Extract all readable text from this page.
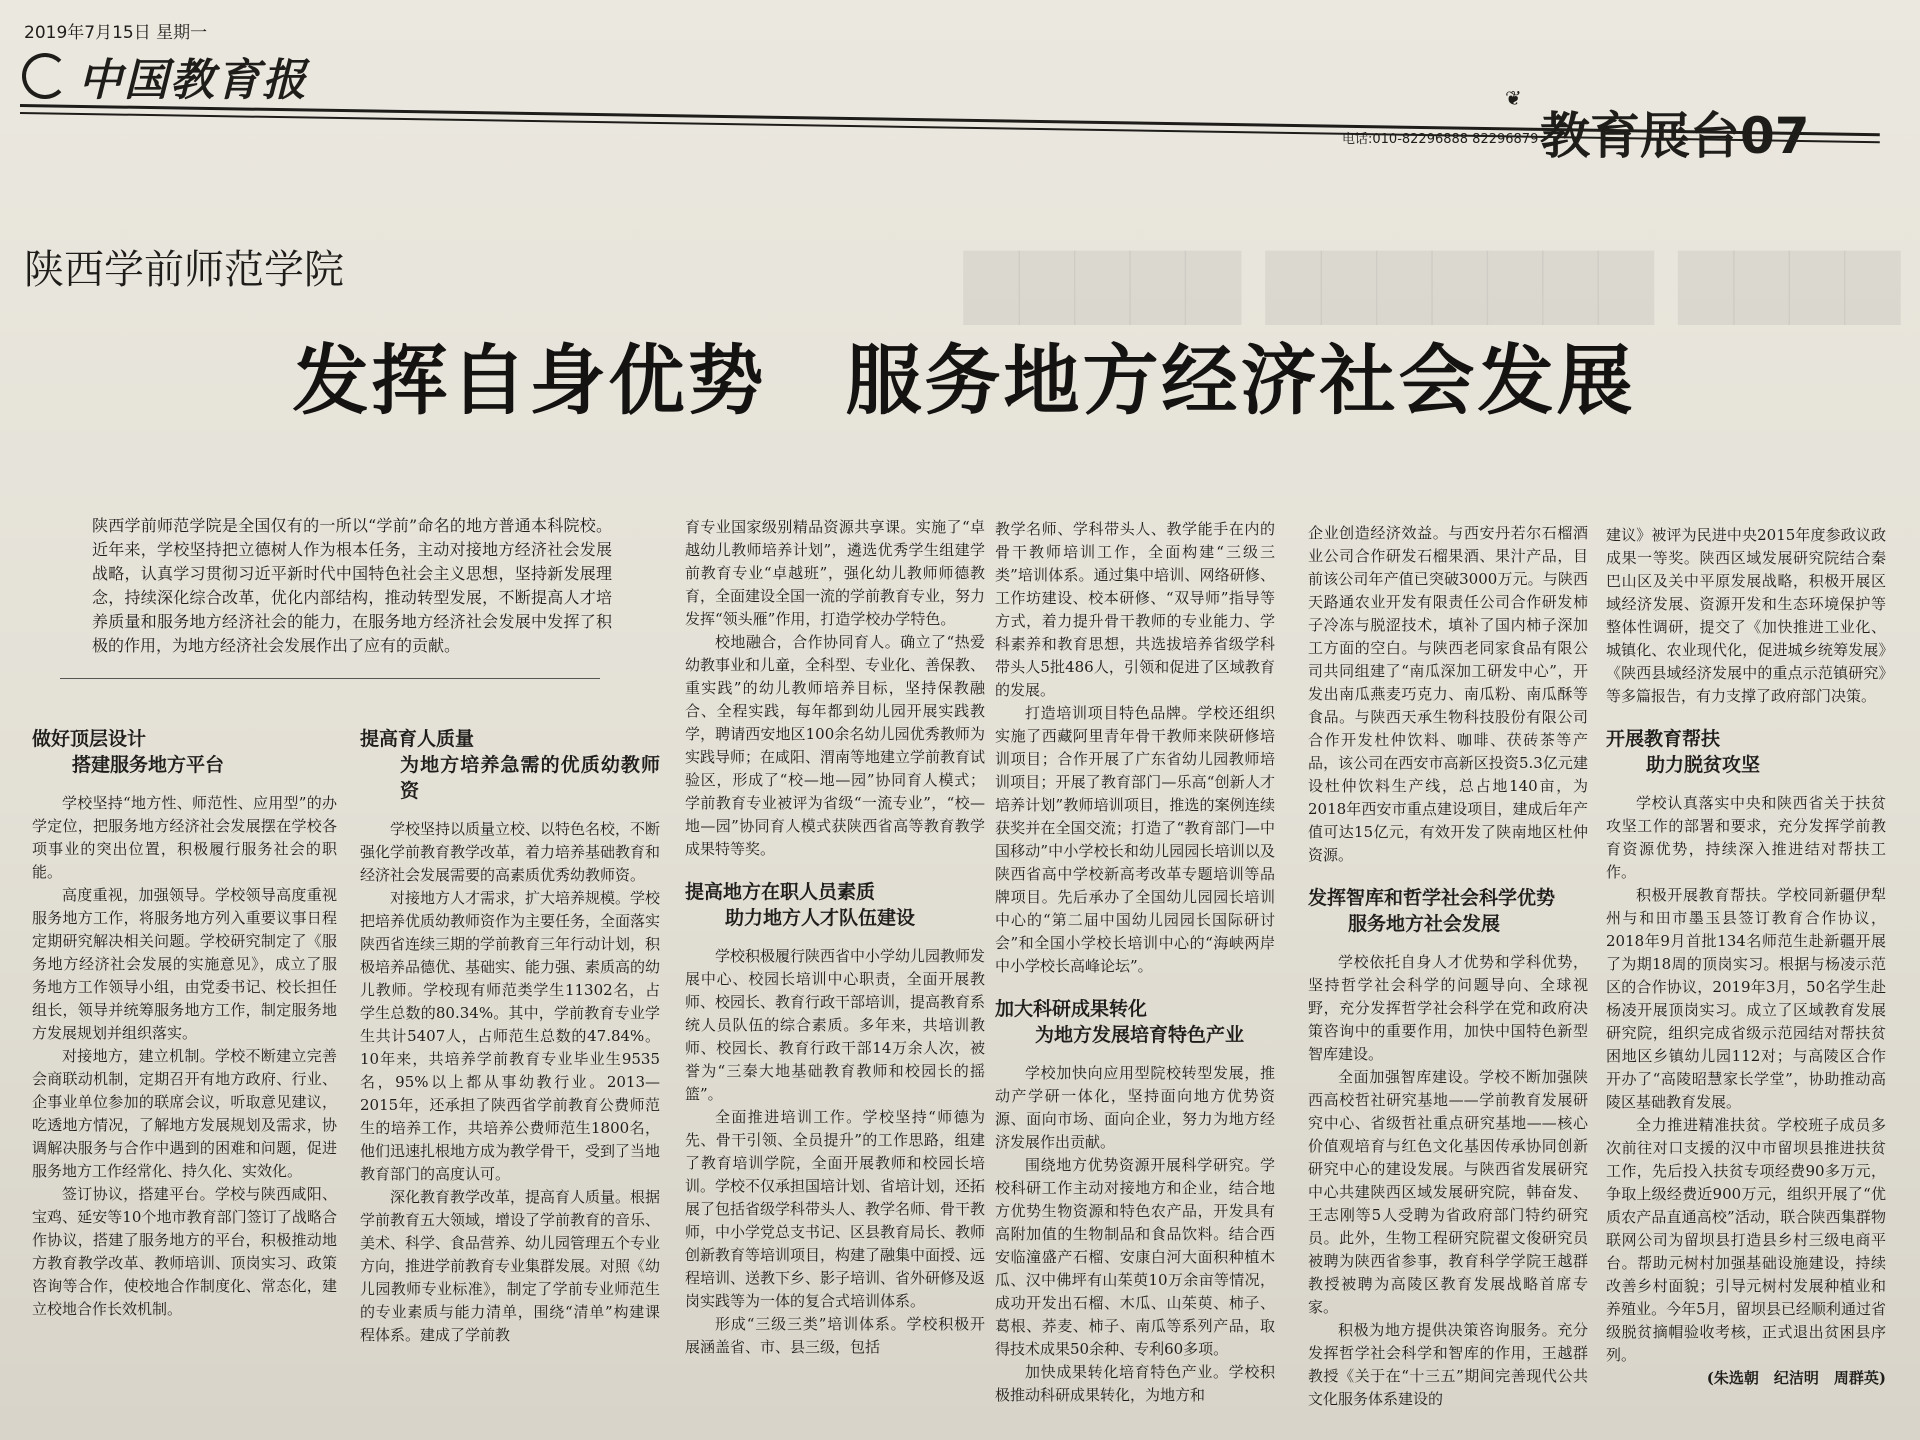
2019年7月15日 星期一
中国教育报	❦
电话:010-82296888 82296879 教育展台07
▇▇▇▇ ▇▇▇▇▇▇▇ ▇▇▇▇▇
陕西学前师范学院
发挥自身优势　服务地方经济社会发展
陕西学前师范学院是全国仅有的一所以“学前”命名的地方普通本科院校。近年来，学校坚持把立德树人作为根本任务，主动对接地方经济社会发展战略，认真学习贯彻习近平新时代中国特色社会主义思想，坚持新发展理念，持续深化综合改革，优化内部结构，推动转型发展，不断提高人才培养质量和服务地方经济社会的能力，在服务地方经济社会发展中发挥了积极的作用，为地方经济社会发展作出了应有的贡献。
做好顶层设计
搭建服务地方平台

学校坚持“地方性、师范性、应用型”的办学定位，把服务地方经济社会发展摆在学校各项事业的突出位置，积极履行服务社会的职能。

高度重视，加强领导。学校领导高度重视服务地方工作，将服务地方列入重要议事日程定期研究解决相关问题。学校研究制定了《服务地方经济社会发展的实施意见》，成立了服务地方工作领导小组，由党委书记、校长担任组长，领导并统筹服务地方工作，制定服务地方发展规划并组织落实。

对接地方，建立机制。学校不断建立完善会商联动机制，定期召开有地方政府、行业、企事业单位参加的联席会议，听取意见建议，吃透地方情况，了解地方发展规划及需求，协调解决服务与合作中遇到的困难和问题，促进服务地方工作经常化、持久化、实效化。

签订协议，搭建平台。学校与陕西咸阳、宝鸡、延安等10个地市教育部门签订了战略合作协议，搭建了服务地方的平台，积极推动地方教育教学改革、教师培训、顶岗实习、政策咨询等合作，使校地合作制度化、常态化，建立校地合作长效机制。

提高育人质量
为地方培养急需的优质幼教师资

学校坚持以质量立校、以特色名校，不断强化学前教育教学改革，着力培养基础教育和经济社会发展需要的高素质优秀幼教师资。

对接地方人才需求，扩大培养规模。学校把培养优质幼教师资作为主要任务，全面落实陕西省连续三期的学前教育三年行动计划，积极培养品德优、基础实、能力强、素质高的幼儿教师。学校现有师范类学生11302名，占学生总数的80.34%。其中，学前教育专业学生共计5407人，占师范生总数的47.84%。10年来，共培养学前教育专业毕业生9535名，95%以上都从事幼教行业。2013—2015年，还承担了陕西省学前教育公费师范生的培养工作，共培养公费师范生1800名，他们迅速扎根地方成为教学骨干，受到了当地教育部门的高度认可。

深化教育教学改革，提高育人质量。根据学前教育五大领域，增设了学前教育的音乐、美术、科学、食品营养、幼儿园管理五个专业方向，推进学前教育专业集群发展。对照《幼儿园教师专业标准》，制定了学前专业师范生的专业素质与能力清单，围绕“清单”构建课程体系。建成了学前教

育专业国家级别精品资源共享课。实施了“卓越幼儿教师培养计划”，遴选优秀学生组建学前教育专业“卓越班”，强化幼儿教师师德教育，全面建设全国一流的学前教育专业，努力发挥“领头雁”作用，打造学校办学特色。

校地融合，合作协同育人。确立了“热爱幼教事业和儿童，全科型、专业化、善保教、重实践”的幼儿教师培养目标，坚持保教融合、全程实践，每年都到幼儿园开展实践教学，聘请西安地区100余名幼儿园优秀教师为实践导师；在咸阳、渭南等地建立学前教育试验区，形成了“校—地—园”协同育人模式；学前教育专业被评为省级“一流专业”，“校—地—园”协同育人模式获陕西省高等教育教学成果特等奖。

提高地方在职人员素质
助力地方人才队伍建设

学校积极履行陕西省中小学幼儿园教师发展中心、校园长培训中心职责，全面开展教师、校园长、教育行政干部培训，提高教育系统人员队伍的综合素质。多年来，共培训教师、校园长、教育行政干部14万余人次，被誉为“三秦大地基础教育教师和校园长的摇篮”。

全面推进培训工作。学校坚持“师德为先、骨干引领、全员提升”的工作思路，组建了教育培训学院，全面开展教师和校园长培训。学校不仅承担国培计划、省培计划，还拓展了包括省级学科带头人、教学名师、骨干教师，中小学党总支书记、区县教育局长、教师创新教育等培训项目，构建了融集中面授、远程培训、送教下乡、影子培训、省外研修及返岗实践等为一体的复合式培训体系。

形成“三级三类”培训体系。学校积极开展涵盖省、市、县三级，包括

教学名师、学科带头人、教学能手在内的骨干教师培训工作，全面构建“三级三类”培训体系。通过集中培训、网络研修、工作坊建设、校本研修、“双导师”指导等方式，着力提升骨干教师的专业能力、学科素养和教育思想，共选拔培养省级学科带头人5批486人，引领和促进了区域教育的发展。

打造培训项目特色品牌。学校还组织实施了西藏阿里青年骨干教师来陕研修培训项目；合作开展了广东省幼儿园教师培训项目；开展了教育部门—乐高“创新人才培养计划”教师培训项目，推选的案例连续获奖并在全国交流；打造了“教育部门—中国移动”中小学校长和幼儿园园长培训以及陕西省高中学校新高考改革专题培训等品牌项目。先后承办了全国幼儿园园长培训中心的“第二届中国幼儿园园长国际研讨会”和全国小学校长培训中心的“海峡两岸中小学校长高峰论坛”。

加大科研成果转化
为地方发展培育特色产业

学校加快向应用型院校转型发展，推动产学研一体化，坚持面向地方优势资源、面向市场、面向企业，努力为地方经济发展作出贡献。

围绕地方优势资源开展科学研究。学校科研工作主动对接地方和企业，结合地方优势生物资源和特色农产品，开发具有高附加值的生物制品和食品饮料。结合西安临潼盛产石榴、安康白河大面积种植木瓜、汉中佛坪有山茱萸10万余亩等情况，成功开发出石榴、木瓜、山茱萸、柿子、葛根、荞麦、柿子、南瓜等系列产品，取得技术成果50余种、专利60多项。

加快成果转化培育特色产业。学校积极推动科研成果转化，为地方和

企业创造经济效益。与西安丹若尔石榴酒业公司合作研发石榴果酒、果汁产品，目前该公司年产值已突破3000万元。与陕西天路通农业开发有限责任公司合作研发柿子冷冻与脱涩技术，填补了国内柿子深加工方面的空白。与陕西老同家食品有限公司共同组建了“南瓜深加工研发中心”，开发出南瓜燕麦巧克力、南瓜粉、南瓜酥等食品。与陕西天承生物科技股份有限公司合作开发杜仲饮料、咖啡、茯砖茶等产品，该公司在西安市高新区投资5.3亿元建设杜仲饮料生产线，总占地140亩，为2018年西安市重点建设项目，建成后年产值可达15亿元，有效开发了陕南地区杜仲资源。

发挥智库和哲学社会科学优势
服务地方社会发展

学校依托自身人才优势和学科优势，坚持哲学社会科学的问题导向、全球视野，充分发挥哲学社会科学在党和政府决策咨询中的重要作用，加快中国特色新型智库建设。

全面加强智库建设。学校不断加强陕西高校哲社研究基地——学前教育发展研究中心、省级哲社重点研究基地——核心价值观培育与红色文化基因传承协同创新研究中心的建设发展。与陕西省发展研究中心共建陕西区域发展研究院，韩奋发、王志刚等5人受聘为省政府部门特约研究员。此外，生物工程研究院翟文俊研究员被聘为陕西省参事，教育科学学院王越群教授被聘为高陵区教育发展战略首席专家。

积极为地方提供决策咨询服务。充分发挥哲学社会科学和智库的作用，王越群教授《关于在“十三五”期间完善现代公共文化服务体系建设的

建议》被评为民进中央2015年度参政议政成果一等奖。陕西区域发展研究院结合秦巴山区及关中平原发展战略，积极开展区域经济发展、资源开发和生态环境保护等整体性调研，提交了《加快推进工业化、城镇化、农业现代化，促进城乡统筹发展》《陕西县域经济发展中的重点示范镇研究》等多篇报告，有力支撑了政府部门决策。

开展教育帮扶
助力脱贫攻坚

学校认真落实中央和陕西省关于扶贫攻坚工作的部署和要求，充分发挥学前教育资源优势，持续深入推进结对帮扶工作。

积极开展教育帮扶。学校同新疆伊犁州与和田市墨玉县签订教育合作协议，2018年9月首批134名师范生赴新疆开展了为期18周的顶岗实习。根据与杨凌示范区的合作协议，2019年3月，50名学生赴杨凌开展顶岗实习。成立了区域教育发展研究院，组织完成省级示范园结对帮扶贫困地区乡镇幼儿园112对；与高陵区合作开办了“高陵昭慧家长学堂”，协助推动高陵区基础教育发展。

全力推进精准扶贫。学校班子成员多次前往对口支援的汉中市留坝县推进扶贫工作，先后投入扶贫专项经费90多万元，争取上级经费近900万元，组织开展了“优质农产品直通高校”活动，联合陕西集群物联网公司为留坝县打造县乡村三级电商平台。帮助元树村加强基础设施建设，持续改善乡村面貌；引导元树村发展种植业和养殖业。今年5月，留坝县已经顺利通过省级脱贫摘帽验收考核，正式退出贫困县序列。

(朱选朝　纪洁明　周群英)
